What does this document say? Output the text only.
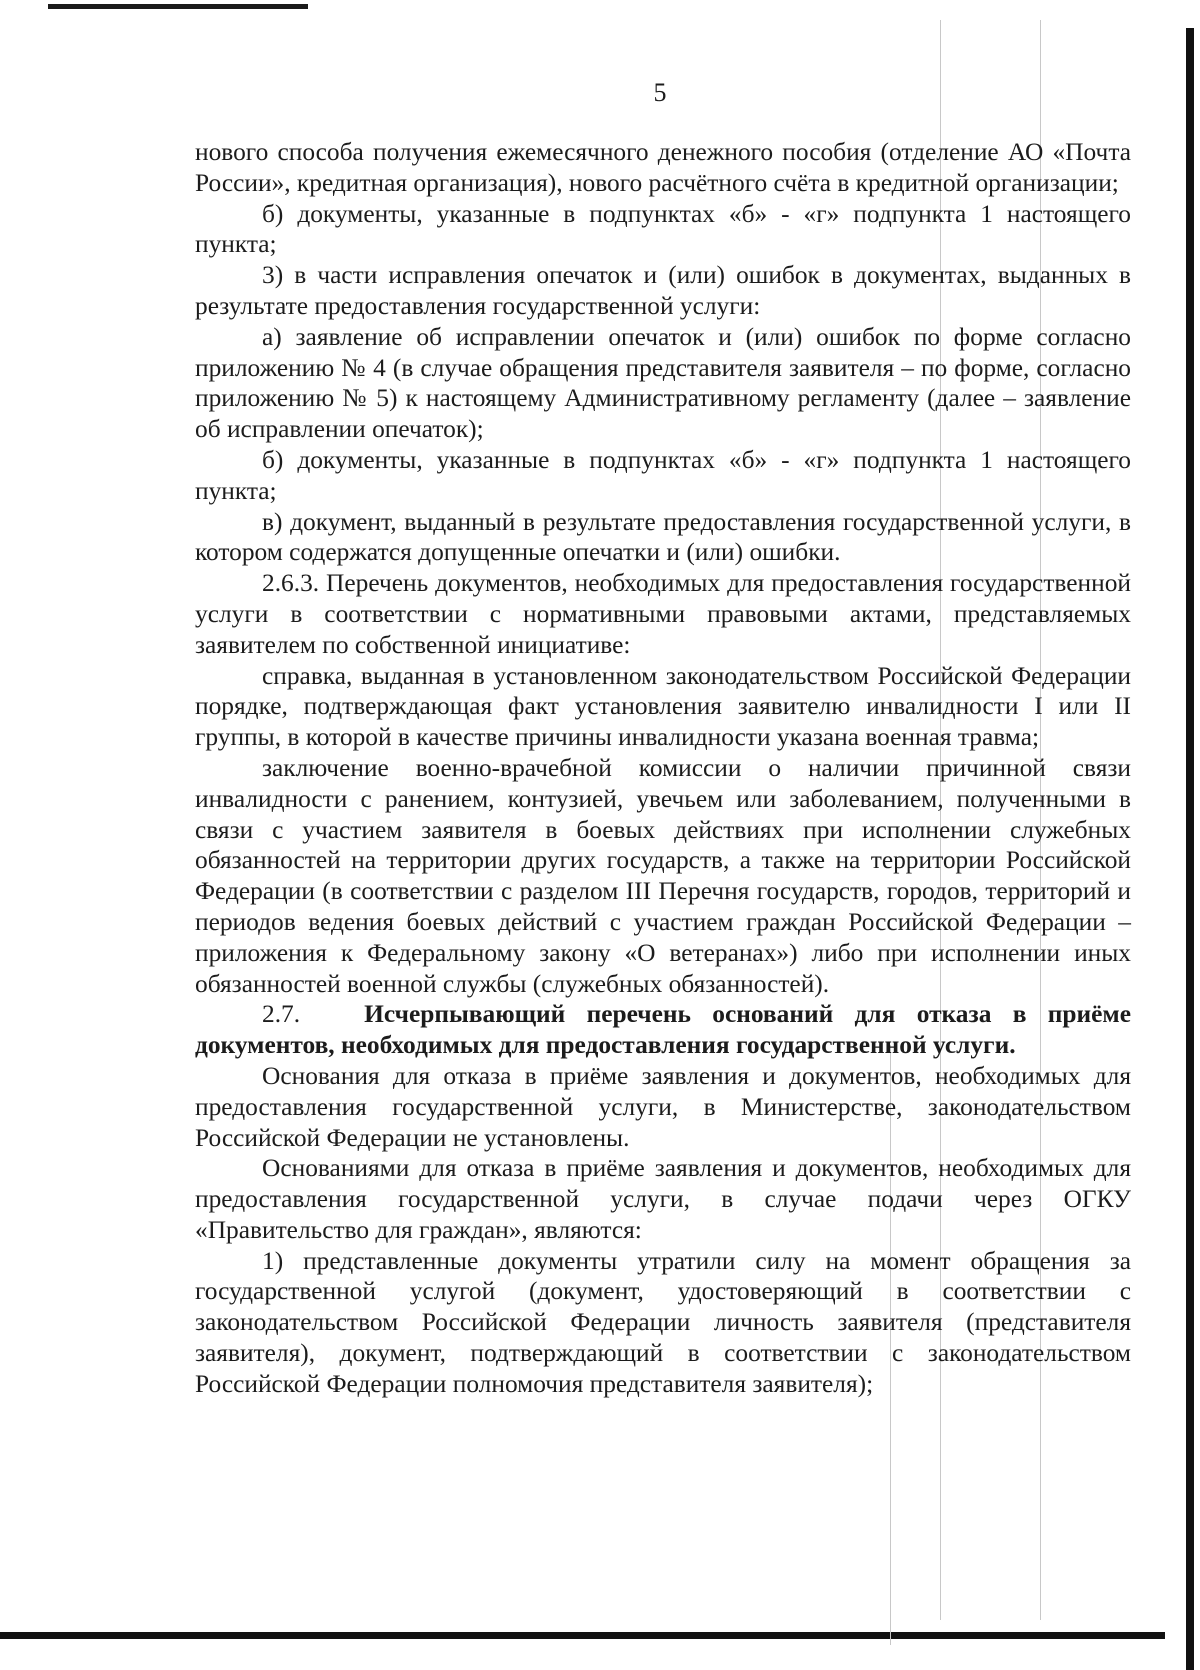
5

нового способа получения ежемесячного денежного пособия (отделение АО «Почта России», кредитная организация), нового расчётного счёта в кредитной организации;

б) документы, указанные в подпунктах «б» - «г» подпункта 1 настоящего пункта;

3) в части исправления опечаток и (или) ошибок в документах, выданных в результате предоставления государственной услуги:

а) заявление об исправлении опечаток и (или) ошибок по форме согласно приложению № 4 (в случае обращения представителя заявителя – по форме, согласно приложению № 5) к настоящему Административному регламенту (далее – заявление об исправлении опечаток);

б) документы, указанные в подпунктах «б» - «г» подпункта 1 настоящего пункта;

в) документ, выданный в результате предоставления государственной услуги, в котором содержатся допущенные опечатки и (или) ошибки.

2.6.3. Перечень документов, необходимых для предоставления государственной услуги в соответствии с нормативными правовыми актами, представляемых заявителем по собственной инициативе:

справка, выданная в установленном законодательством Российской Федерации порядке, подтверждающая факт установления заявителю инвалидности I или II группы, в которой в качестве причины инвалидности указана военная травма;

заключение военно-врачебной комиссии о наличии причинной связи инвалидности с ранением, контузией, увечьем или заболеванием, полученными в связи с участием заявителя в боевых действиях при исполнении служебных обязанностей на территории других государств, а также на территории Российской Федерации (в соответствии с разделом III Перечня государств, городов, территорий и периодов ведения боевых действий с участием граждан Российской Федерации – приложения к Федеральному закону «О ветеранах») либо при исполнении иных обязанностей военной службы (служебных обязанностей).

2.7.	Исчерпывающий перечень оснований для отказа в приёме документов, необходимых для предоставления государственной услуги.

Основания для отказа в приёме заявления и документов, необходимых для предоставления государственной услуги, в Министерстве, законодательством Российской Федерации не установлены.

Основаниями для отказа в приёме заявления и документов, необходимых для предоставления государственной услуги, в случае подачи через ОГКУ «Правительство для граждан», являются:

1) представленные документы утратили силу на момент обращения за государственной услугой (документ, удостоверяющий в соответствии с законодательством Российской Федерации личность заявителя (представителя заявителя), документ, подтверждающий в соответствии с законодательством Российской Федерации полномочия представителя заявителя);
